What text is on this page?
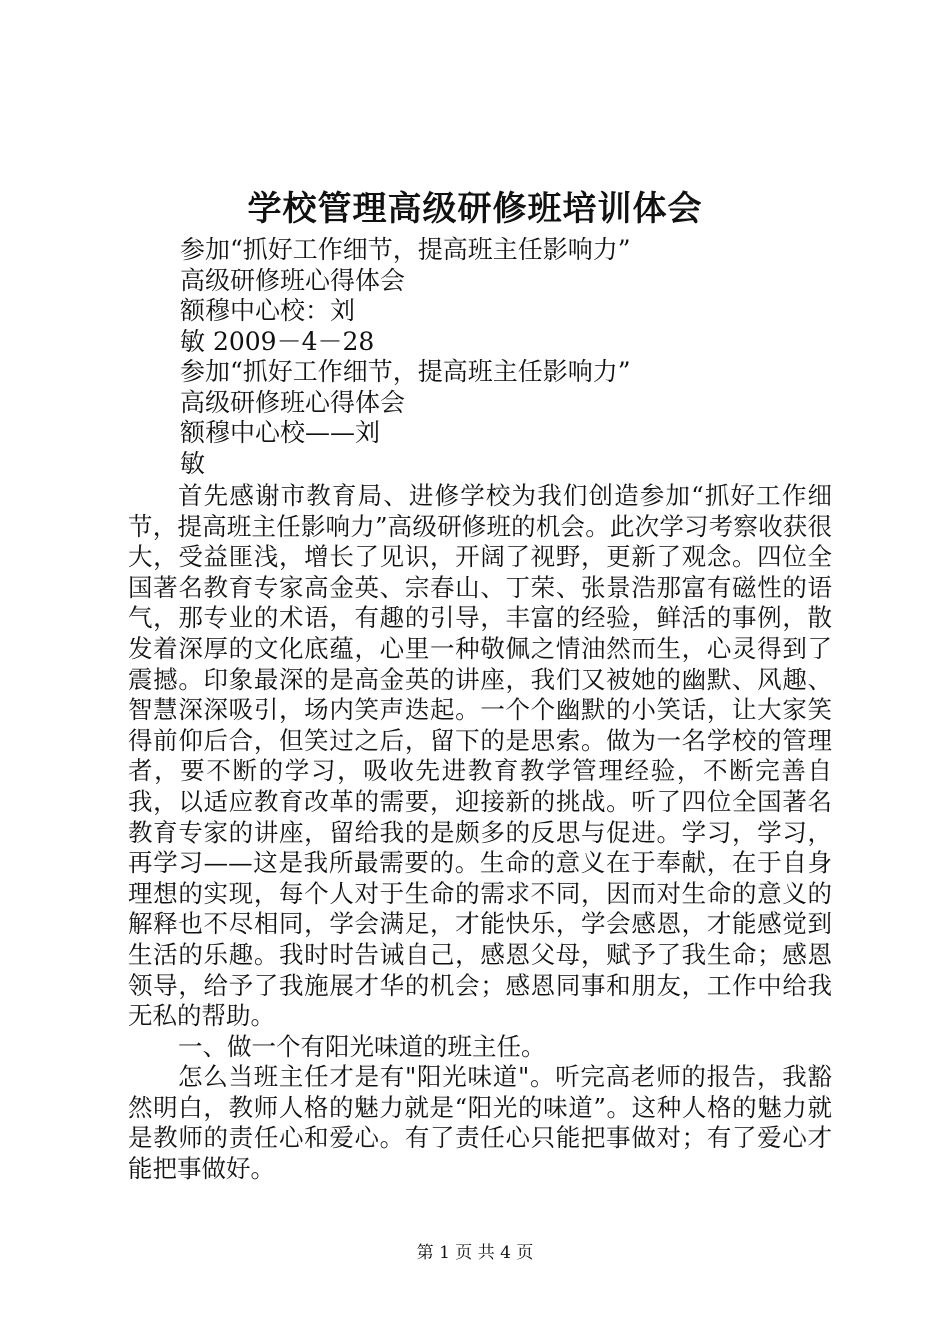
学校管理高级研修班培训体会
参加“抓好工作细节，提高班主任影响力”
高级研修班心得体会
额穆中心校：刘
敏 2009－4－28
参加“抓好工作细节，提高班主任影响力”
高级研修班心得体会
额穆中心校——刘
敏

首先感谢市教育局、进修学校为我们创造参加“抓好工作细节，提高班主任影响力”高级研修班的机会。此次学习考察收获很大，受益匪浅，增长了见识，开阔了视野，更新了观念。四位全国著名教育专家高金英、宗春山、丁荣、张景浩那富有磁性的语气，那专业的术语，有趣的引导，丰富的经验，鲜活的事例，散发着深厚的文化底蕴，心里一种敬佩之情油然而生，心灵得到了震撼。印象最深的是高金英的讲座，我们又被她的幽默、风趣、智慧深深吸引，场内笑声迭起。一个个幽默的小笑话，让大家笑得前仰后合，但笑过之后，留下的是思索。做为一名学校的管理者，要不断的学习，吸收先进教育教学管理经验，不断完善自我，以适应教育改革的需要，迎接新的挑战。听了四位全国著名教育专家的讲座，留给我的是颇多的反思与促进。学习，学习，再学习——这是我所最需要的。生命的意义在于奉献，在于自身理想的实现，每个人对于生命的需求不同，因而对生命的意义的解释也不尽相同，学会满足，才能快乐，学会感恩，才能感觉到生活的乐趣。我时时告诫自己，感恩父母，赋予了我生命；感恩领导，给予了我施展才华的机会；感恩同事和朋友，工作中给我无私的帮助。

一、做一个有阳光味道的班主任。

怎么当班主任才是有"阳光味道"。听完高老师的报告，我豁然明白，教师人格的魅力就是“阳光的味道”。这种人格的魅力就是教师的责任心和爱心。有了责任心只能把事做对；有了爱心才能把事做好。

第 1 页 共 4 页
